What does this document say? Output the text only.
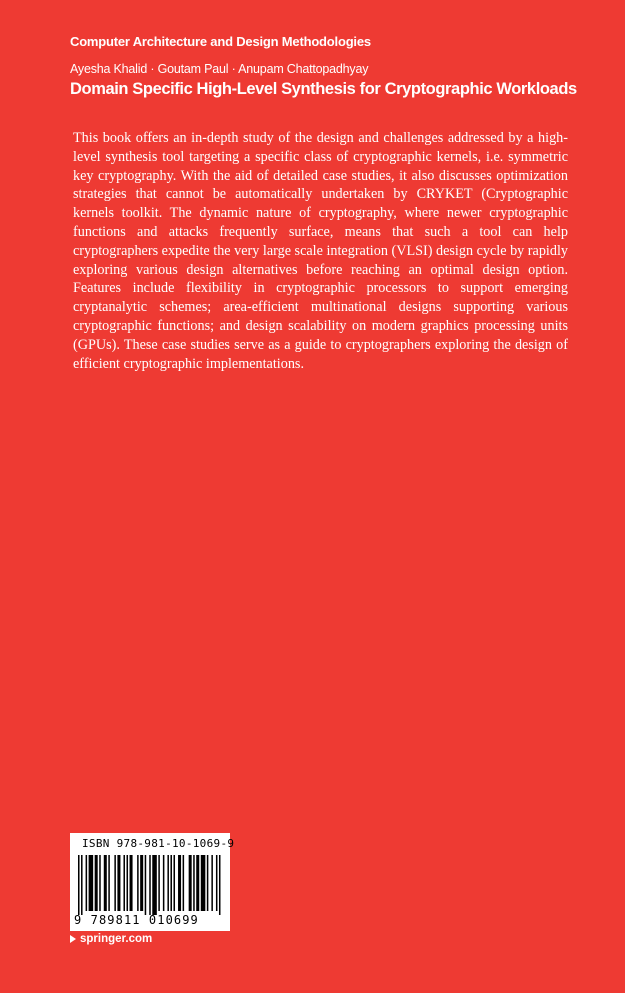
Computer Architecture and Design Methodologies
Ayesha Khalid · Goutam Paul · Anupam Chattopadhyay
Domain Specific High-Level Synthesis for Cryptographic Workloads

This book offers an in-depth study of the design and challenges addressed by a high-level synthesis tool targeting a specific class of cryptographic kernels, i.e. symmetric key cryptography. With the aid of detailed case studies, it also discusses optimization strategies that cannot be automatically undertaken by CRYKET (Cryptographic kernels toolkit. The dynamic nature of cryptography, where newer cryptographic functions and attacks frequently surface, means that such a tool can help cryptographers expedite the very large scale integration (VLSI) design cycle by rapidly exploring various design alternatives before reaching an optimal design option. Features include flexibility in cryptographic processors to support emerging cryptanalytic schemes; area-efficient multinational designs supporting various cryptographic functions; and design scalability on modern graphics processing units (GPUs). These case studies serve as a guide to cryptographers exploring the design of efficient cryptographic implementations.

ISBN 978-981-10-1069-9
9 789811 010699
springer.com
